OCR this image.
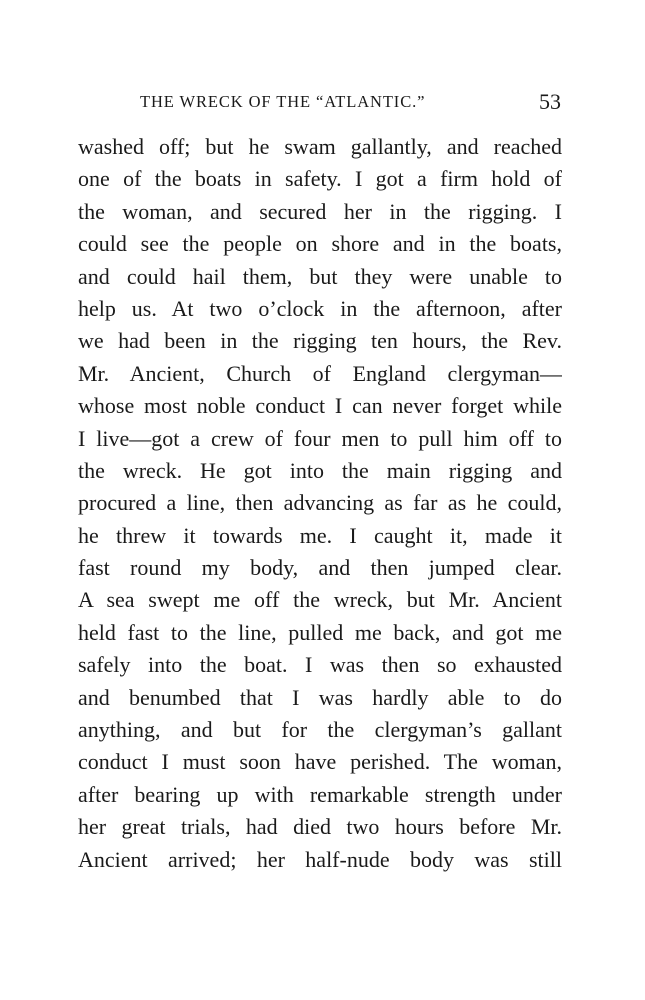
THE WRECK OF THE “ATLANTIC.”	53
washed off; but he swam gallantly, and reached
one of the boats in safety. I got a firm hold of
the woman, and secured her in the rigging. I
could see the people on shore and in the boats,
and could hail them, but they were unable to
help us. At two o’clock in the afternoon, after
we had been in the rigging ten hours, the Rev.
Mr. Ancient, Church of England clergyman—
whose most noble conduct I can never forget while
I live—got a crew of four men to pull him off to
the wreck. He got into the main rigging and
procured a line, then advancing as far as he could,
he threw it towards me. I caught it, made it
fast round my body, and then jumped clear.
A sea swept me off the wreck, but Mr. Ancient
held fast to the line, pulled me back, and got me
safely into the boat. I was then so exhausted
and benumbed that I was hardly able to do
anything, and but for the clergyman’s gallant
conduct I must soon have perished. The woman,
after bearing up with remarkable strength under
her great trials, had died two hours before Mr.
Ancient arrived; her half-nude body was still
